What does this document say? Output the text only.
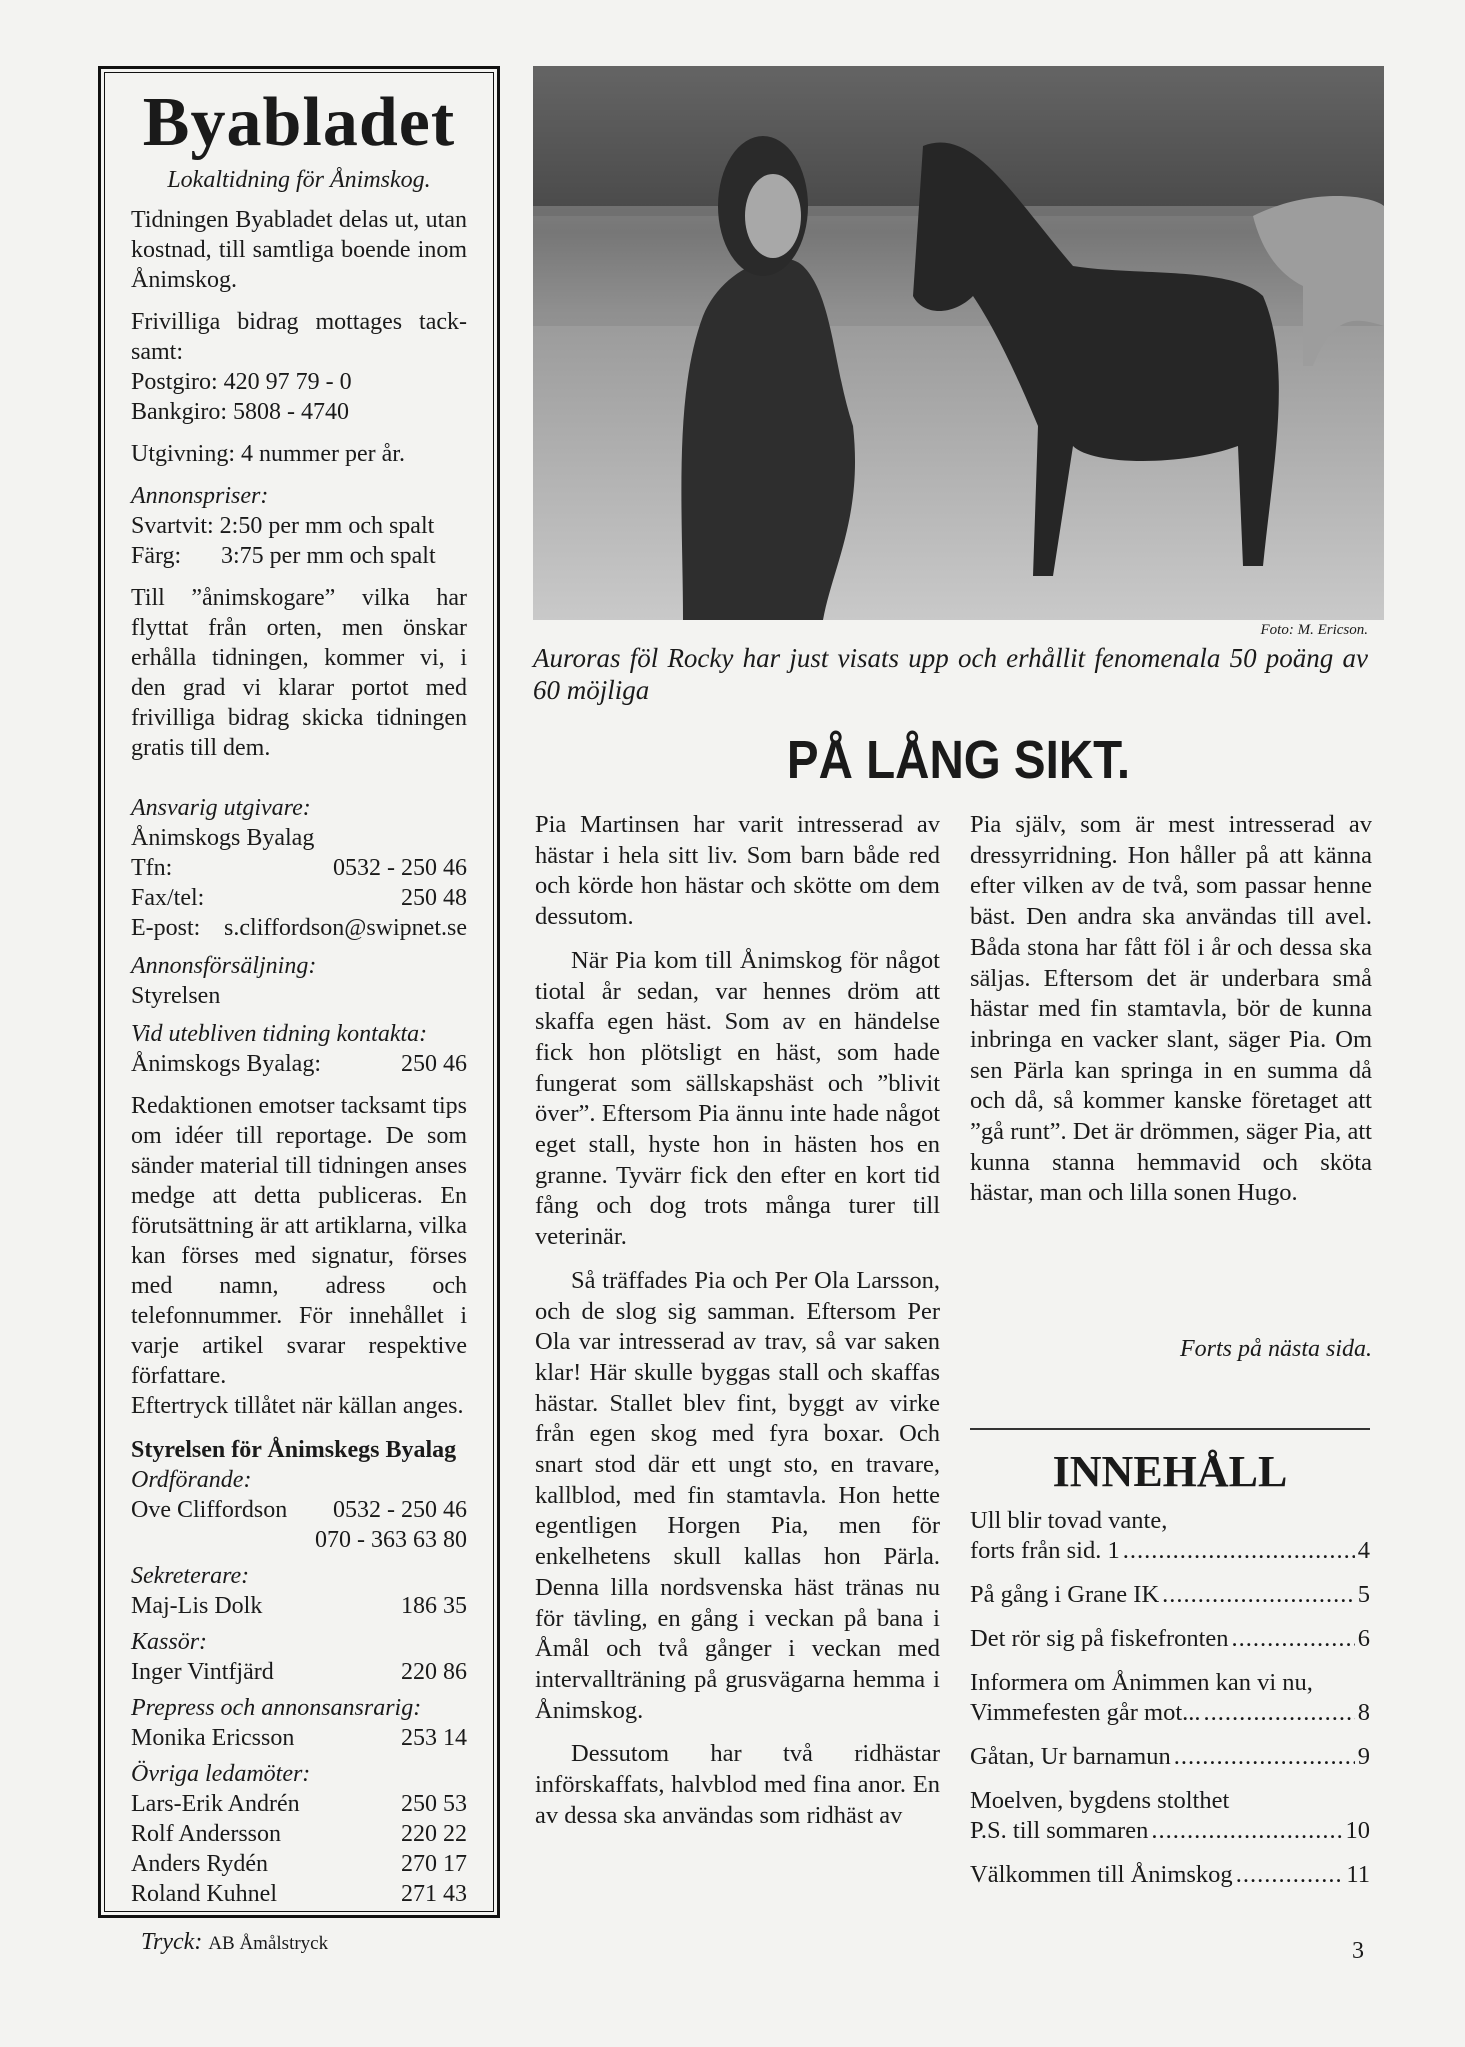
Byabladet
Lokaltidning för Ånimskog.

Tidningen Byabladet delas ut, utan kostnad, till samtliga boende inom Ånimskog.

Frivilliga bidrag mottages tack-samt:

Postgiro: 420 97 79 - 0
Bankgiro: 5808 - 4740

Utgivning: 4 nummer per år.

Annonspriser:
Svartvit: 2:50 per mm och spalt
Färg: 3:75 per mm och spalt

Till ”ånimskogare” vilka har flyttat från orten, men önskar erhålla tidningen, kommer vi, i den grad vi klarar portot med frivilliga bidrag skicka tidningen gratis till dem.

Ansvarig utgivare:
Ånimskogs Byalag
Tfn:	0532 - 250 46
Fax/tel:	250 48
E-post: s.cliffordson@swipnet.se
Annonsförsäljning:
Styrelsen
Vid utebliven tidning kontakta:
Ånimskogs Byalag:	250 46

Redaktionen emotser tacksamt tips om idéer till reportage. De som sänder material till tidningen anses medge att detta publiceras. En förutsättning är att artiklarna, vilka kan förses med signatur, förses med namn, adress och telefonnummer. För innehållet i varje artikel svarar respektive författare.

Eftertryck tillåtet när källan anges.
Styrelsen för Ånimskegs Byalag
Ordförande:
Ove Cliffordson 0532 - 250 46
070 - 363 63 80
Sekreterare:
Maj-Lis Dolk	186 35
Kassör:
Inger Vintfjärd	220 86
Prepress och annonsansrarig:
Monika Ericsson	253 14
Övriga ledamöter:
Lars-Erik Andrén	250 53
Rolf Andersson	220 22
Anders Rydén	270 17
Roland Kuhnel	271 43
Tryck: AB Åmålstryck
Foto: M. Ericson.
Auroras föl Rocky har just visats upp och erhållit fenomenala 50 poäng av 60 möjliga
PÅ LÅNG SIKT.

Pia Martinsen har varit intresserad av hästar i hela sitt liv. Som barn både red och körde hon hästar och skötte om dem dessutom.

När Pia kom till Ånimskog för något tiotal år sedan, var hennes dröm att skaffa egen häst. Som av en händelse fick hon plötsligt en häst, som hade fungerat som sällskapshäst och ”blivit över”. Eftersom Pia ännu inte hade något eget stall, hyste hon in hästen hos en granne. Tyvärr fick den efter en kort tid fång och dog trots många turer till veterinär.

Så träffades Pia och Per Ola Larsson, och de slog sig samman. Eftersom Per Ola var intresserad av trav, så var saken klar! Här skulle byggas stall och skaffas hästar. Stallet blev fint, byggt av virke från egen skog med fyra boxar. Och snart stod där ett ungt sto, en travare, kallblod, med fin stamtavla. Hon hette egentligen Horgen Pia, men för enkelhetens skull kallas hon Pärla. Denna lilla nordsvenska häst tränas nu för tävling, en gång i veckan på bana i Åmål och två gånger i veckan med intervallträning på grusvägarna hemma i Ånimskog.

Dessutom har två ridhästar införskaffats, halvblod med fina anor. En av dessa ska användas som ridhäst av

Pia själv, som är mest intresserad av dressyrridning. Hon håller på att känna efter vilken av de två, som passar henne bäst. Den andra ska användas till avel. Båda stona har fått föl i år och dessa ska säljas. Eftersom det är underbara små hästar med fin stamtavla, bör de kunna inbringa en vacker slant, säger Pia. Om sen Pärla kan springa in en summa då och då, så kommer kanske företaget att ”gå runt”. Det är drömmen, säger Pia, att kunna stanna hemmavid och sköta hästar, man och lilla sonen Hugo.

Forts på nästa sida.
INNEHÅLL
Ull blir tovad vante,
forts från sid. 1 .....	4
På gång i Grane IK .....	5
Det rör sig på fiskefronten .....	6
Informera om Ånimmen kan vi nu,
Vimmefesten går mot... .....	8
Gåtan, Ur barnamun .....	9
Moelven, bygdens stolthet
P.S. till sommaren .....	10
Välkommen till Ånimskog .....	11
3
